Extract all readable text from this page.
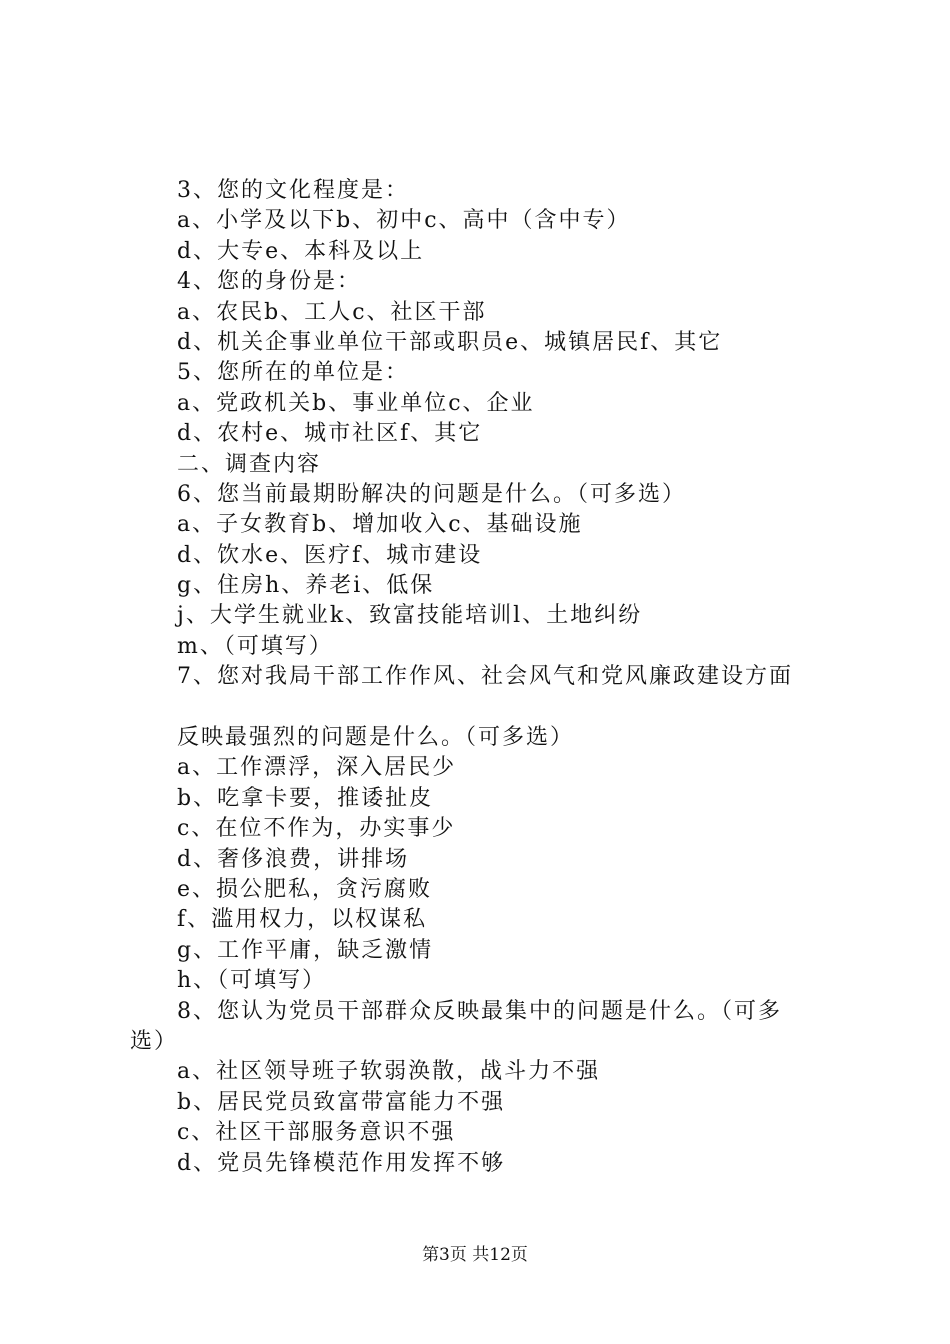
3、您的文化程度是：
a、小学及以下b、初中c、高中（含中专）
d、大专e、本科及以上
4、您的身份是：
a、农民b、工人c、社区干部
d、机关企事业单位干部或职员e、城镇居民f、其它
5、您所在的单位是：
a、党政机关b、事业单位c、企业
d、农村e、城市社区f、其它
二、调查内容
6、您当前最期盼解决的问题是什么。（可多选）
a、子女教育b、增加收入c、基础设施
d、饮水e、医疗f、城市建设
g、住房h、养老i、低保
j、大学生就业k、致富技能培训l、土地纠纷
m、（可填写）
7、您对我局干部工作作风、社会风气和党风廉政建设方面
反映最强烈的问题是什么。（可多选）
a、工作漂浮，深入居民少
b、吃拿卡要，推诿扯皮
c、在位不作为，办实事少
d、奢侈浪费，讲排场
e、损公肥私，贪污腐败
f、滥用权力，以权谋私
g、工作平庸，缺乏激情
h、（可填写）
8、您认为党员干部群众反映最集中的问题是什么。（可多
选）
a、社区领导班子软弱涣散，战斗力不强
b、居民党员致富带富能力不强
c、社区干部服务意识不强
d、党员先锋模范作用发挥不够
第3页 共12页
